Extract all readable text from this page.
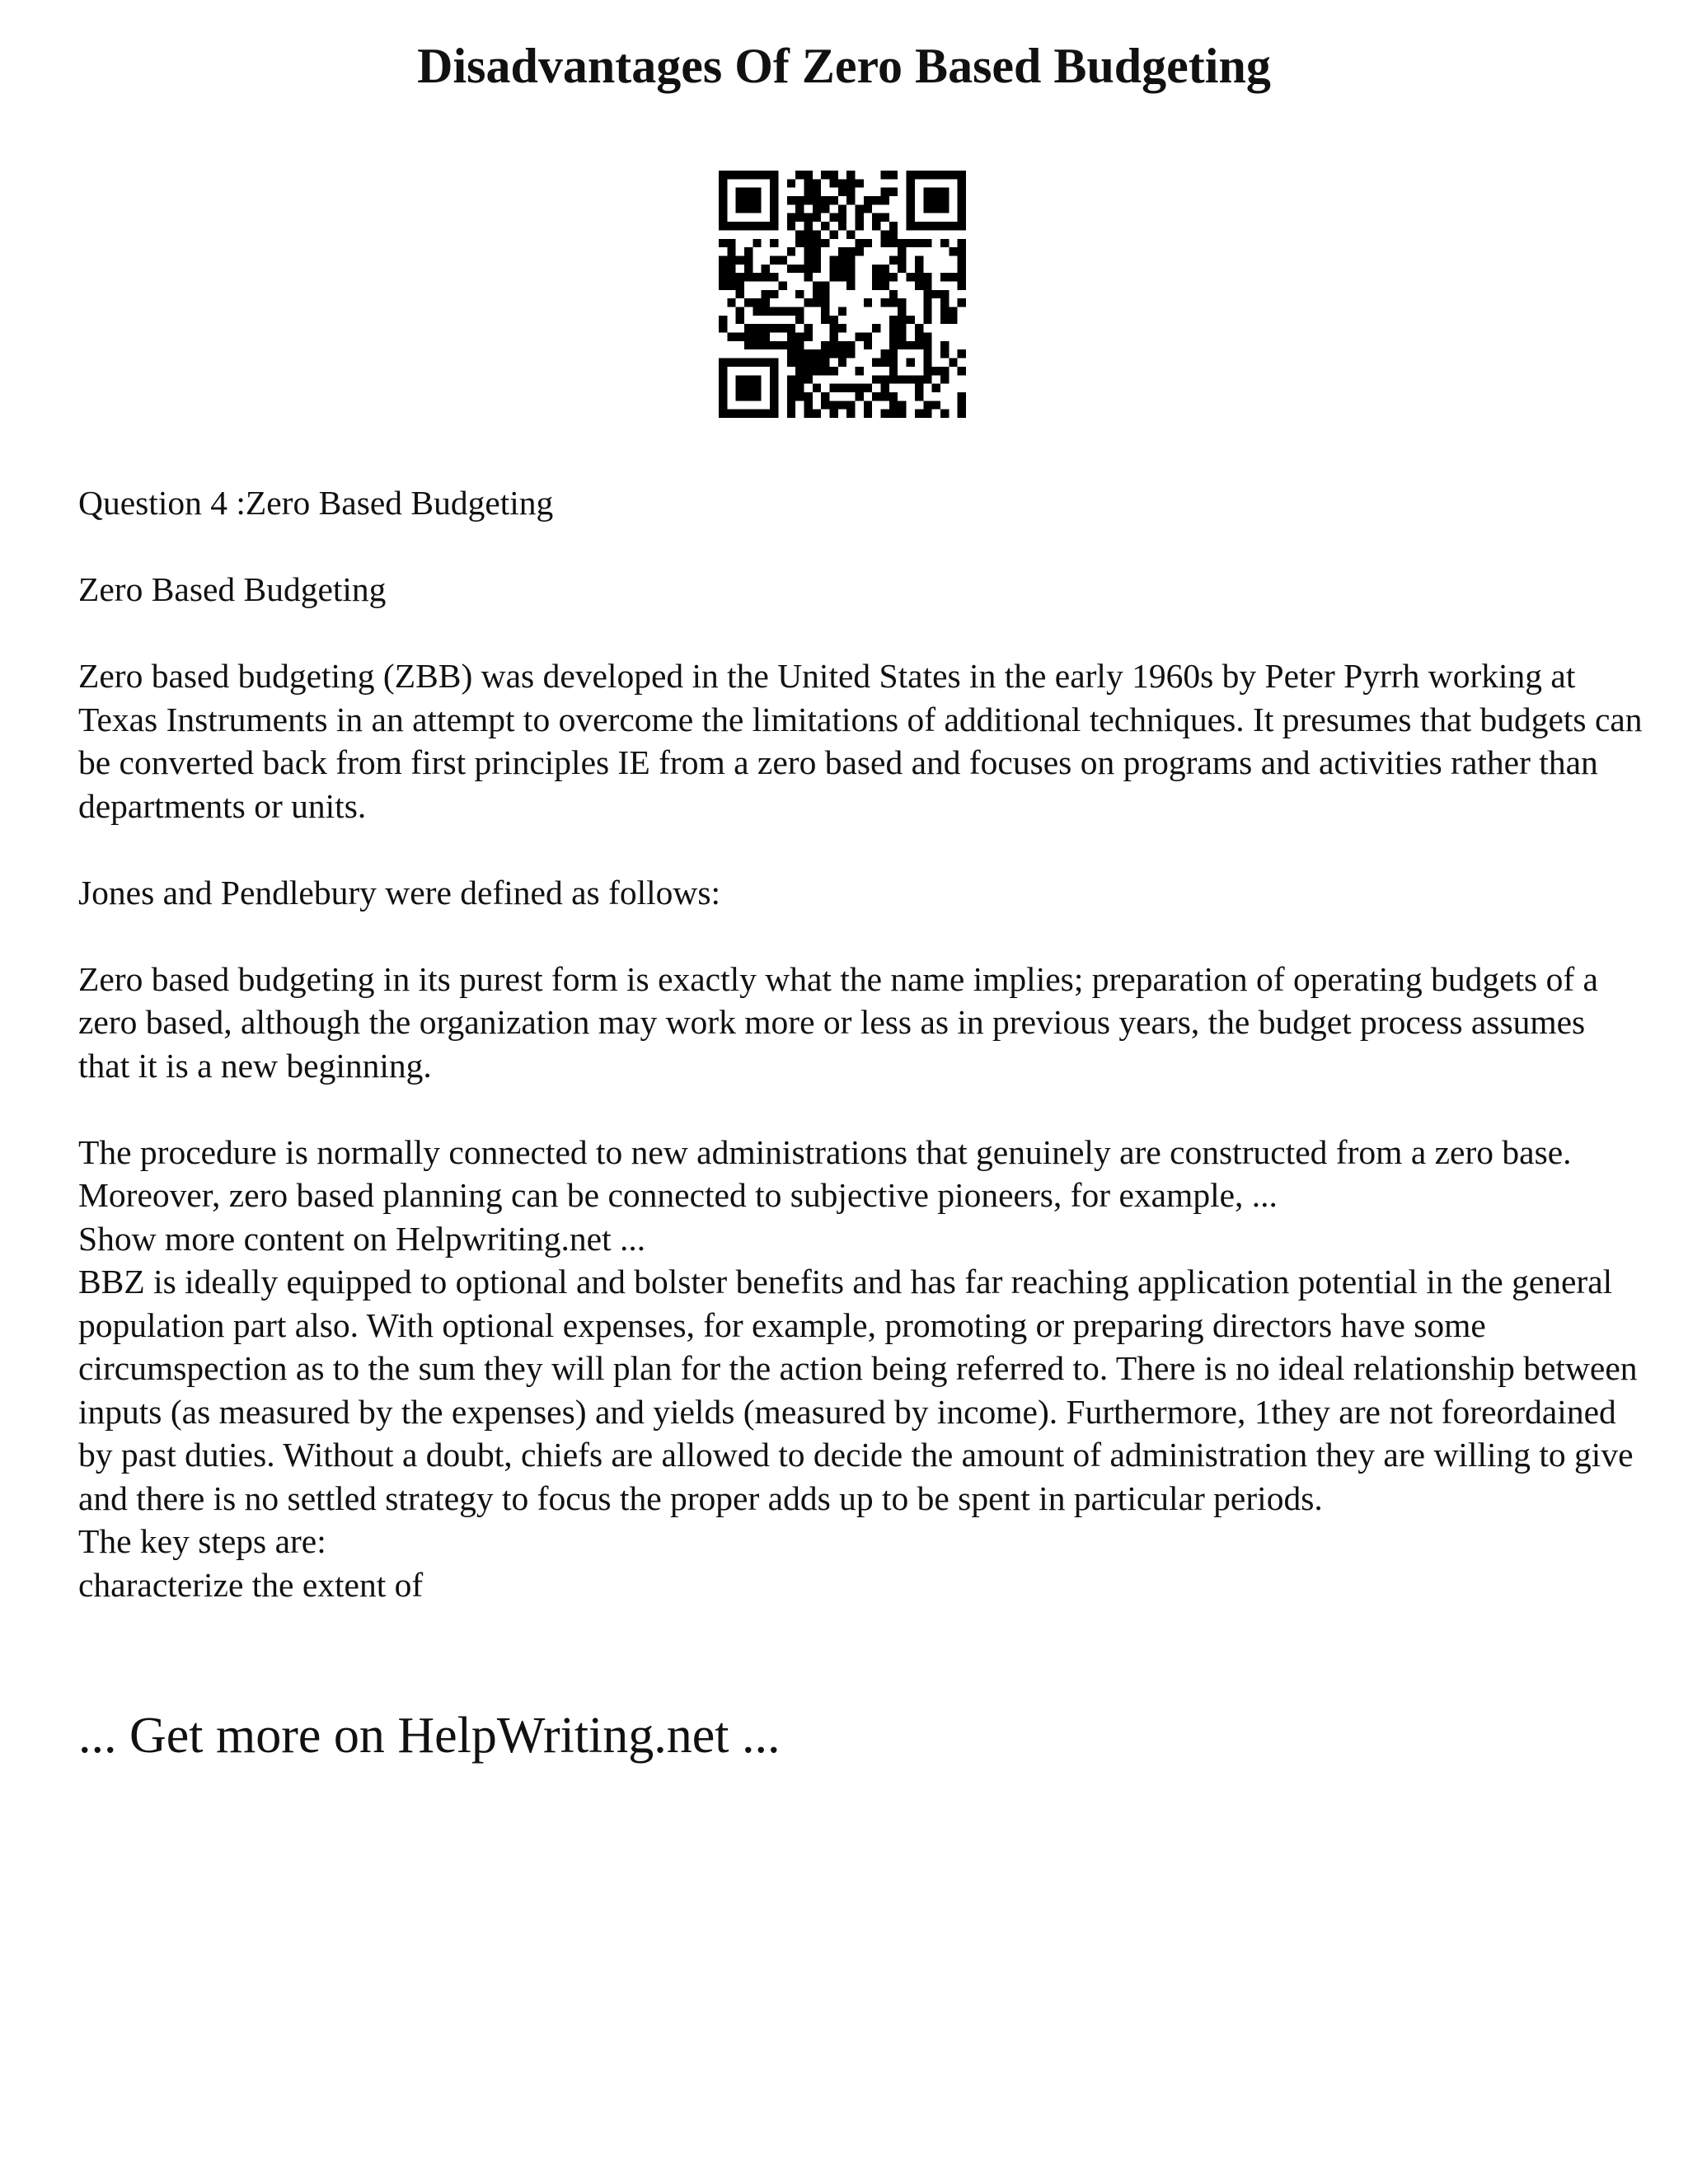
Disadvantages Of Zero Based Budgeting

Question 4 :Zero Based Budgeting

Zero Based Budgeting

Zero based budgeting (ZBB) was developed in the United States in the early 1960s by Peter Pyrrh working at Texas Instruments in an attempt to overcome the limitations of additional techniques. It presumes that budgets can be converted back from first principles IE from a zero based and focuses on programs and activities rather than departments or units.

Jones and Pendlebury were defined as follows:

Zero based budgeting in its purest form is exactly what the name implies; preparation of operating budgets of a zero based, although the organization may work more or less as in previous years, the budget process assumes that it is a new beginning.

The procedure is normally connected to new administrations that genuinely are constructed from a zero base. Moreover, zero based planning can be connected to subjective pioneers, for example, ...

Show more content on Helpwriting.net ...

BBZ is ideally equipped to optional and bolster benefits and has far reaching application potential in the general population part also. With optional expenses, for example, promoting or preparing directors have some circumspection as to the sum they will plan for the action being referred to. There is no ideal relationship between inputs (as measured by the expenses) and yields (measured by income). Furthermore, 1they are not foreordained by past duties. Without a doubt, chiefs are allowed to decide the amount of administration they are willing to give and there is no settled strategy to focus the proper adds up to be spent in particular periods.

The key steps are:

characterize the extent of

... Get more on HelpWriting.net ...
